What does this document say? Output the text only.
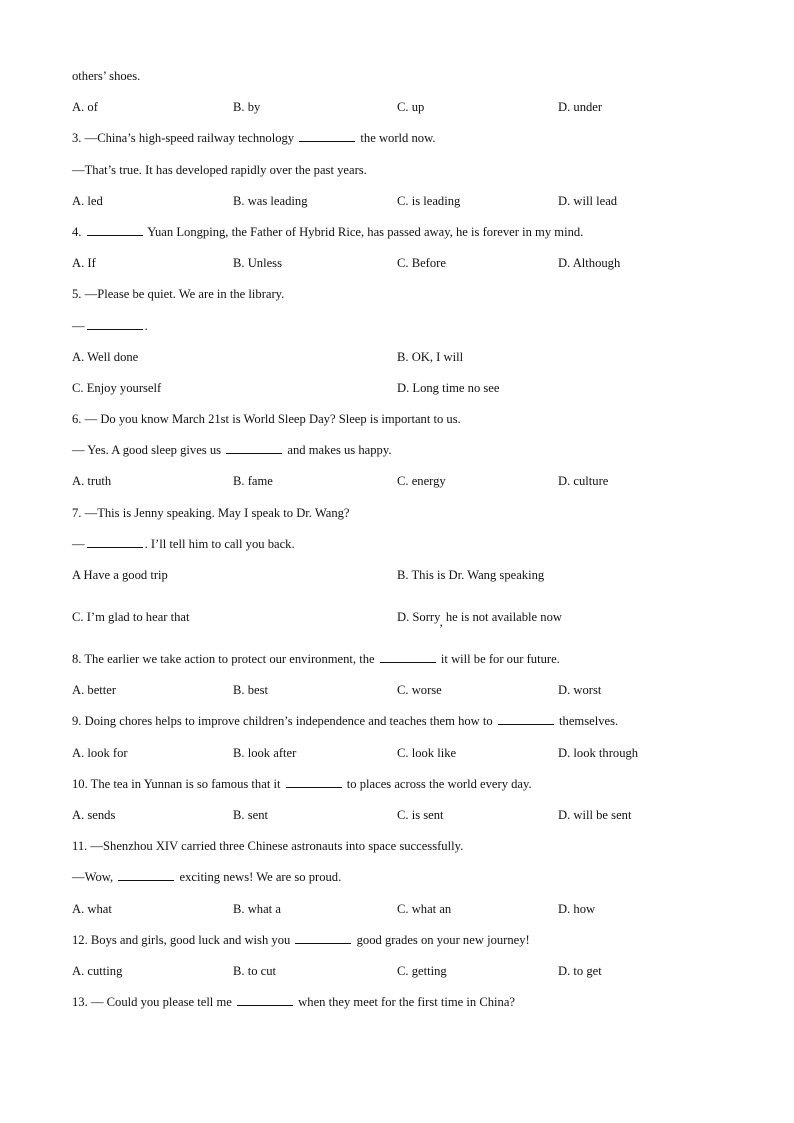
others’ shoes.
A. of	B. by	C. up	D. under
3. —China’s high-speed railway technology	the world now.
—That’s true. It has developed rapidly over the past years.
A. led	B. was leading	C. is leading	D. will lead
4.	Yuan Longping, the Father of Hybrid Rice, has passed away, he is forever in my mind.
A. If	B. Unless	C. Before	D. Although
5. —Please be quiet. We are in the library.
—	.
A. Well done	B. OK, I will
C. Enjoy yourself	D. Long time no see
6. — Do you know March 21st is World Sleep Day? Sleep is important to us.
— Yes. A good sleep gives us	and makes us happy.
A. truth	B. fame	C. energy	D. culture
7. —This is Jenny speaking. May I speak to Dr. Wang?
—	. I’ll tell him to call you back.
A Have a good trip	B. This is Dr. Wang speaking
C. I’m glad to hear that	D. Sorry, he is not available now
8. The earlier we take action to protect our environment, the	it will be for our future.
A. better	B. best	C. worse	D. worst
9. Doing chores helps to improve children’s independence and teaches them how to	themselves.
A. look for	B. look after	C. look like	D. look through
10. The tea in Yunnan is so famous that it	to places across the world every day.
A. sends	B. sent	C. is sent	D. will be sent
11. —Shenzhou XIV carried three Chinese astronauts into space successfully.
—Wow,	exciting news! We are so proud.
A. what	B. what a	C. what an	D. how
12. Boys and girls, good luck and wish you	good grades on your new journey!
A. cutting	B. to cut	C. getting	D. to get
13. — Could you please tell me	when they meet for the first time in China?
